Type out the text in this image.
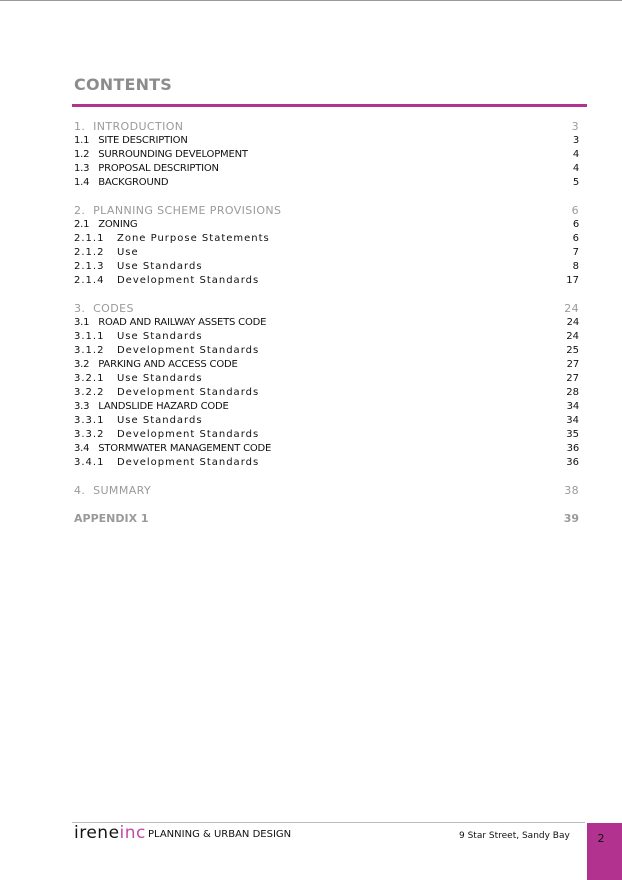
CONTENTS
1.  INTRODUCTION	3
1.1   SITE DESCRIPTION	3
1.2   SURROUNDING DEVELOPMENT	4
1.3   PROPOSAL DESCRIPTION	4
1.4   BACKGROUND	5
2.  PLANNING SCHEME PROVISIONS	6
2.1   ZONING	6
2.1.1   Zone Purpose Statements	6
2.1.2   Use	7
2.1.3   Use Standards	8
2.1.4   Development Standards	17
3.  CODES	24
3.1   ROAD AND RAILWAY ASSETS CODE	24
3.1.1   Use Standards	24
3.1.2   Development Standards	25
3.2   PARKING AND ACCESS CODE	27
3.2.1   Use Standards	27
3.2.2   Development Standards	28
3.3   LANDSLIDE HAZARD CODE	34
3.3.1   Use Standards	34
3.3.2   Development Standards	35
3.4   STORMWATER MANAGEMENT CODE	36
3.4.1   Development Standards	36
4.  SUMMARY	38
APPENDIX 1	39
ireneinc PLANNING & URBAN DESIGN	9 Star Street, Sandy Bay	2
